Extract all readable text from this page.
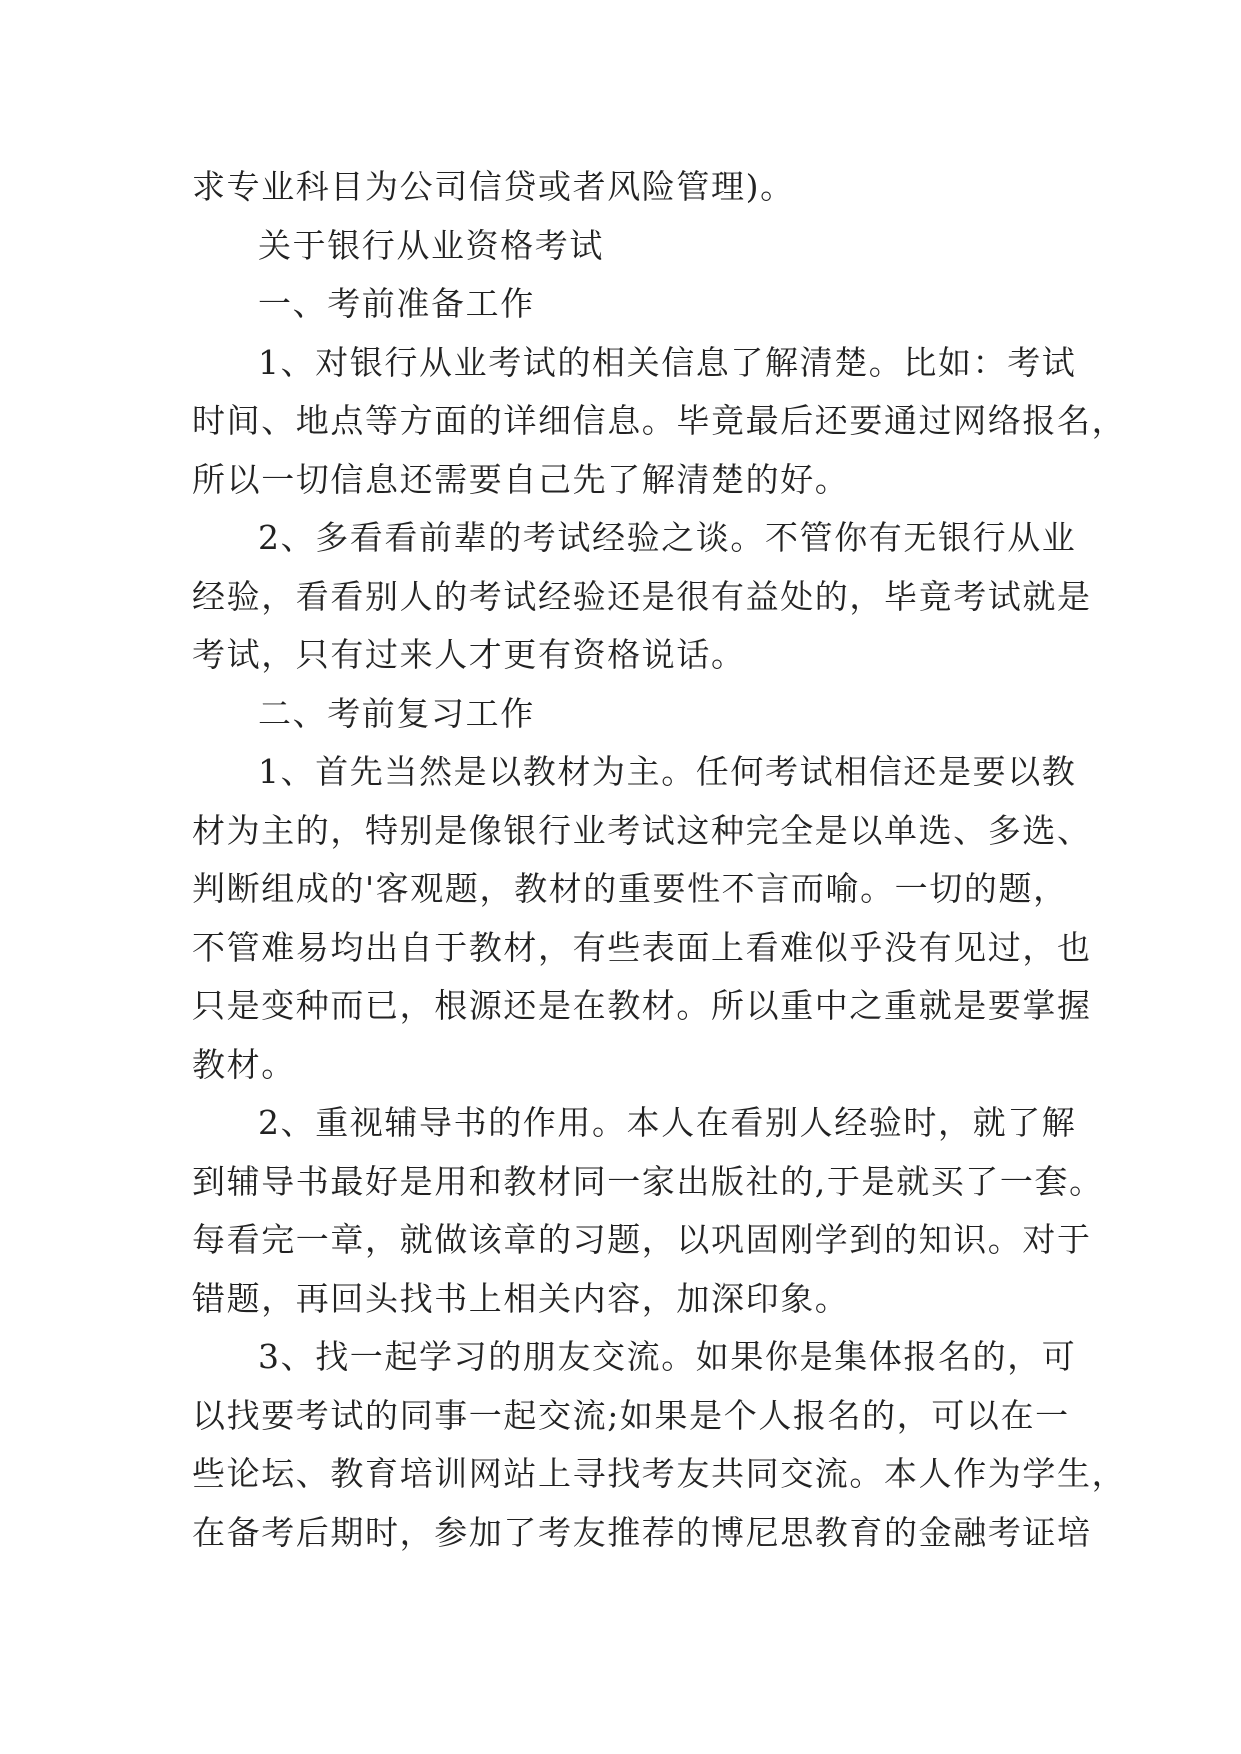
求专业科目为公司信贷或者风险管理)。
关于银行从业资格考试
一、考前准备工作
1、对银行从业考试的相关信息了解清楚。比如：考试
时间、地点等方面的详细信息。毕竟最后还要通过网络报名，
所以一切信息还需要自己先了解清楚的好。
2、多看看前辈的考试经验之谈。不管你有无银行从业
经验，看看别人的考试经验还是很有益处的，毕竟考试就是
考试，只有过来人才更有资格说话。
二、考前复习工作
1、首先当然是以教材为主。任何考试相信还是要以教
材为主的，特别是像银行业考试这种完全是以单选、多选、
判断组成的'客观题，教材的重要性不言而喻。一切的题，
不管难易均出自于教材，有些表面上看难似乎没有见过，也
只是变种而已，根源还是在教材。所以重中之重就是要掌握
教材。
2、重视辅导书的作用。本人在看别人经验时，就了解
到辅导书最好是用和教材同一家出版社的,于是就买了一套。
每看完一章，就做该章的习题，以巩固刚学到的知识。对于
错题，再回头找书上相关内容，加深印象。
3、找一起学习的朋友交流。如果你是集体报名的，可
以找要考试的同事一起交流;如果是个人报名的，可以在一
些论坛、教育培训网站上寻找考友共同交流。本人作为学生，
在备考后期时，参加了考友推荐的博尼思教育的金融考证培
